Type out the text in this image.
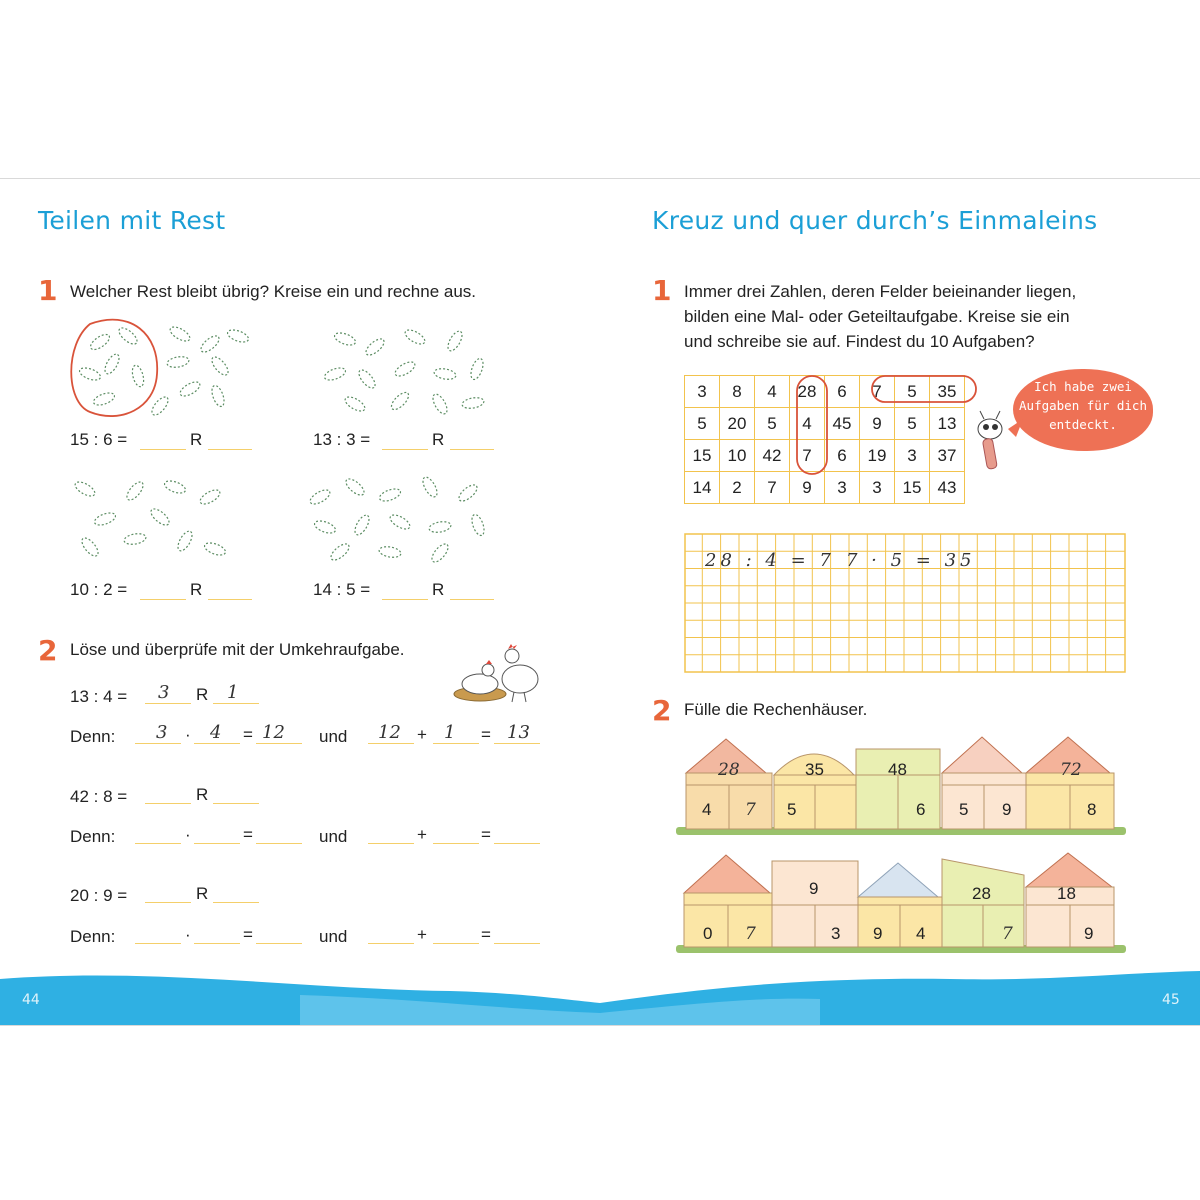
Teilen mit Rest
1 Welcher Rest bleibt übrig? Kreise ein und rechne aus.
15 : 6 =	R	13 : 3 =	R
10 : 2 =	R	14 : 5 =	R
2 Löse und überprüfe mit der Umkehraufgabe.
13 : 4 = 3 R 1
Denn: 3 · 4 = 12 und 12 + 1 = 13
42 : 8 =	R
Denn:	·	=	und	+	=
20 : 9 =	R
Denn:	·	=	und	+	=
Kreuz und quer durch’s Einmaleins
1 Immer drei Zahlen, deren Felder beieinander liegen,
bilden eine Mal- oder Geteiltaufgabe. Kreise sie ein
und schreibe sie auf. Findest du 10 Aufgaben?
3	8	4	28	6	7	5	35
5	20	5	4	45	9	5	13
15	10	42	7	6	19	3	37
14	2	7	9	3	3	15	43
Ich habe zwei
Aufgaben für dich
entdeckt.
28 : 4 = 7 7 · 5 = 35
2 Fülle die Rechenhäuser.
28
4 7
35
5
48
6 5 9
72
8
0 7
9
3 9 4
28
7
18
9
44	45
